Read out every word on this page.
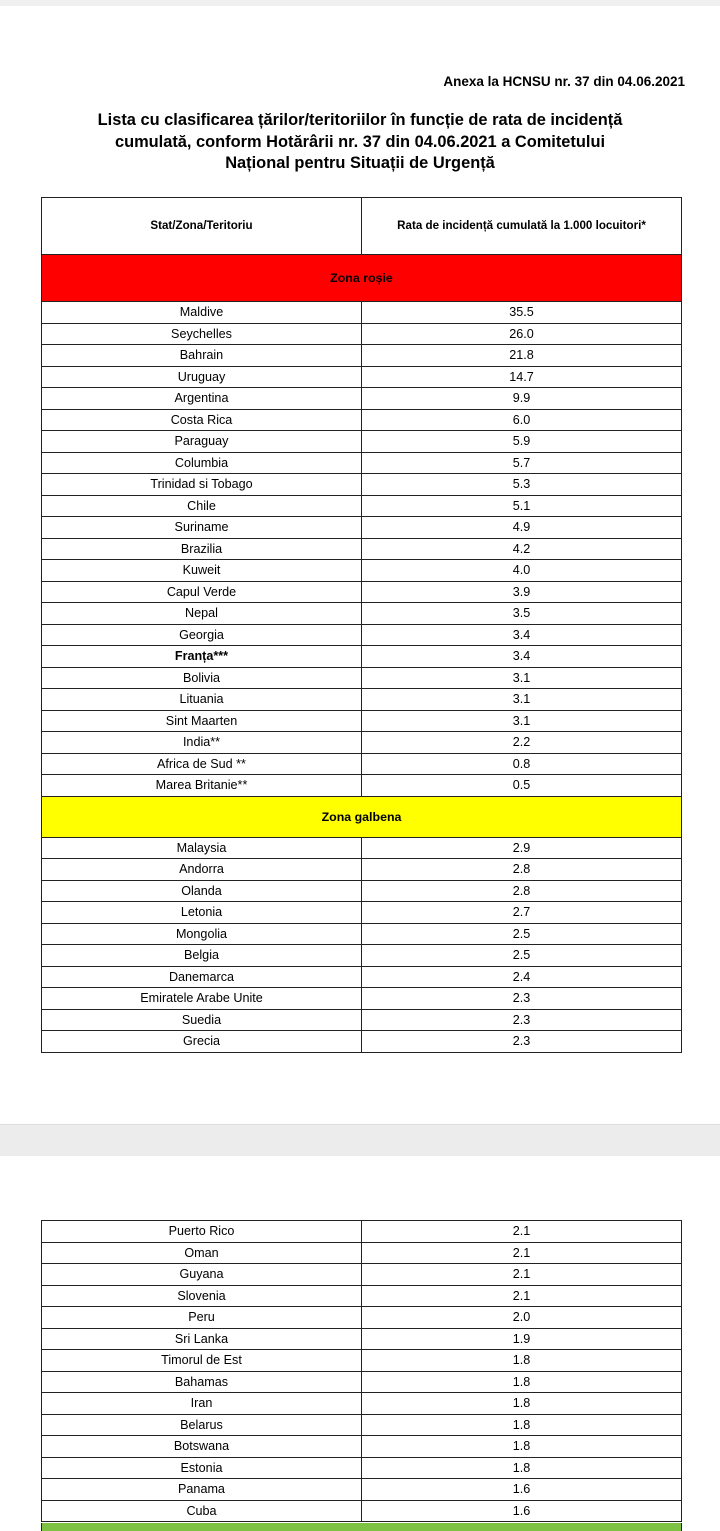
Anexa la HCNSU nr. 37 din 04.06.2021
Lista cu clasificarea țărilor/teritoriilor în funcție de rata de incidență
cumulată, conform Hotărârii nr. 37 din 04.06.2021 a Comitetului
Național pentru Situații de Urgență
Stat/Zona/Teritoriu	Rata de incidență cumulată la 1.000 locuitori*
Zona roșie	
Maldive	35.5
Seychelles	26.0
Bahrain	21.8
Uruguay	14.7
Argentina	9.9
Costa Rica	6.0
Paraguay	5.9
Columbia	5.7
Trinidad si Tobago	5.3
Chile	5.1
Suriname	4.9
Brazilia	4.2
Kuweit	4.0
Capul Verde	3.9
Nepal	3.5
Georgia	3.4
Franța***	3.4
Bolivia	3.1
Lituania	3.1
Sint Maarten	3.1
India**	2.2
Africa de Sud **	0.8
Marea Britanie**	0.5
Zona galbena	
Malaysia	2.9
Andorra	2.8
Olanda	2.8
Letonia	2.7
Mongolia	2.5
Belgia	2.5
Danemarca	2.4
Emiratele Arabe Unite	2.3
Suedia	2.3
Grecia	2.3
Puerto Rico	2.1
Oman	2.1
Guyana	2.1
Slovenia	2.1
Peru	2.0
Sri Lanka	1.9
Timorul de Est	1.8
Bahamas	1.8
Iran	1.8
Belarus	1.8
Botswana	1.8
Estonia	1.8
Panama	1.6
Cuba	1.6
